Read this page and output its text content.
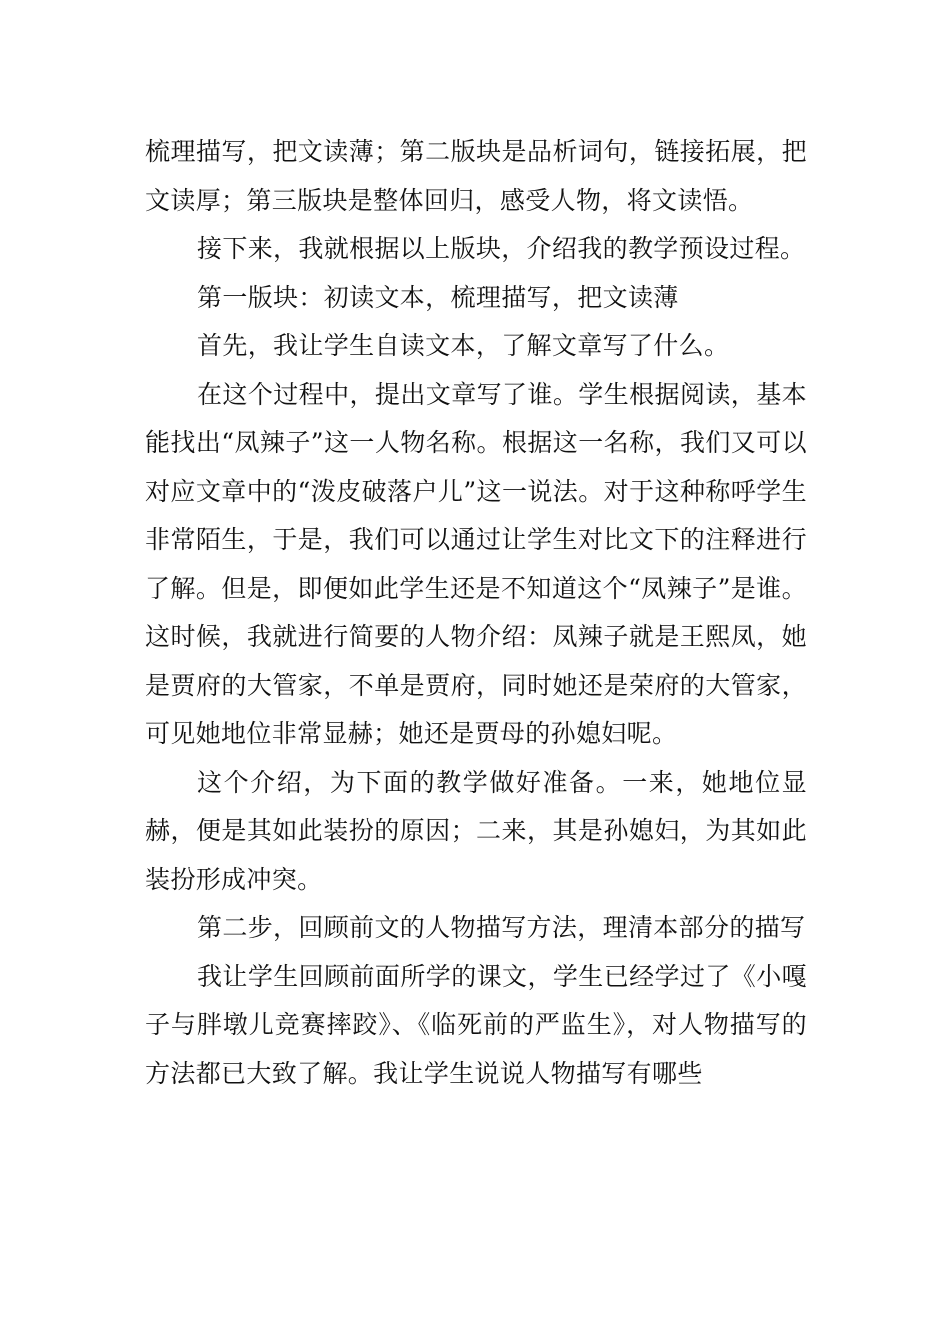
梳理描写，把文读薄；第二版块是品析词句，链接拓展，把文读厚；第三版块是整体回归，感受人物，将文读悟。

接下来，我就根据以上版块，介绍我的教学预设过程。

第一版块：初读文本，梳理描写，把文读薄

首先，我让学生自读文本，了解文章写了什么。

在这个过程中，提出文章写了谁。学生根据阅读，基本能找出“凤辣子”这一人物名称。根据这一名称，我们又可以对应文章中的“泼皮破落户儿”这一说法。对于这种称呼学生非常陌生，于是，我们可以通过让学生对比文下的注释进行了解。但是，即便如此学生还是不知道这个“凤辣子”是谁。这时候，我就进行简要的人物介绍：凤辣子就是王熙凤，她是贾府的大管家，不单是贾府，同时她还是荣府的大管家，可见她地位非常显赫；她还是贾母的孙媳妇呢。

这个介绍，为下面的教学做好准备。一来，她地位显赫，便是其如此装扮的原因；二来，其是孙媳妇，为其如此装扮形成冲突。

第二步，回顾前文的人物描写方法，理清本部分的描写

我让学生回顾前面所学的课文，学生已经学过了《小嘎子与胖墩儿竞赛摔跤》、《临死前的严监生》，对人物描写的方法都已大致了解。我让学生说说人物描写有哪些
